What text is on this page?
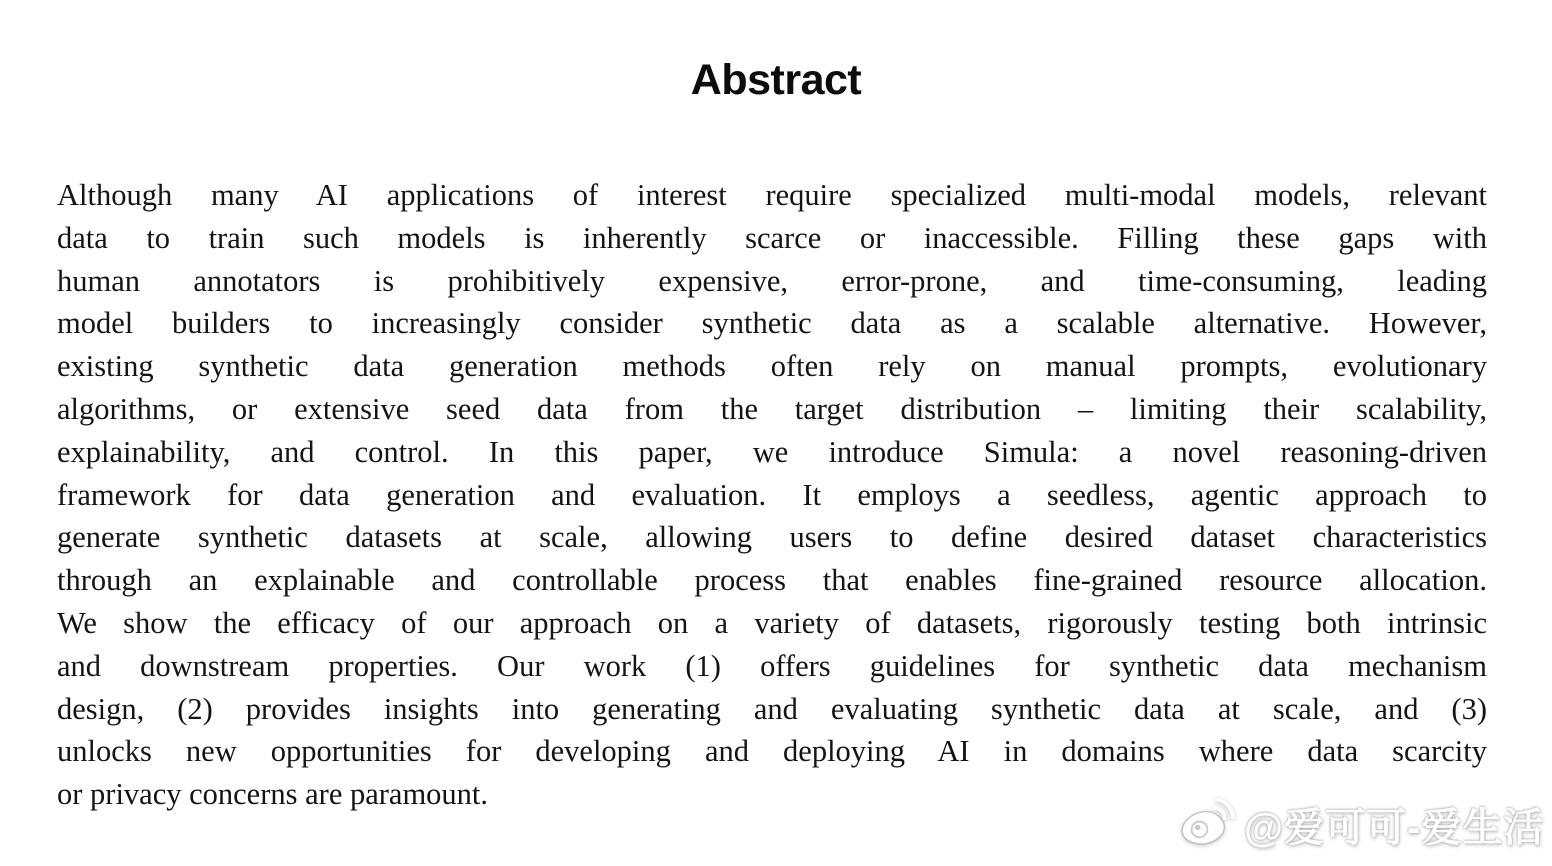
Abstract
Although many AI applications of interest require specialized multi-modal models, relevant
data to train such models is inherently scarce or inaccessible. Filling these gaps with
human annotators is prohibitively expensive, error-prone, and time-consuming, leading
model builders to increasingly consider synthetic data as a scalable alternative. However,
existing synthetic data generation methods often rely on manual prompts, evolutionary
algorithms, or extensive seed data from the target distribution – limiting their scalability,
explainability, and control. In this paper, we introduce Simula: a novel reasoning-driven
framework for data generation and evaluation. It employs a seedless, agentic approach to
generate synthetic datasets at scale, allowing users to define desired dataset characteristics
through an explainable and controllable process that enables fine-grained resource allocation.
We show the efficacy of our approach on a variety of datasets, rigorously testing both intrinsic
and downstream properties. Our work (1) offers guidelines for synthetic data mechanism
design, (2) provides insights into generating and evaluating synthetic data at scale, and (3)
unlocks new opportunities for developing and deploying AI in domains where data scarcity
or privacy concerns are paramount.
@爱可可-爱生活
